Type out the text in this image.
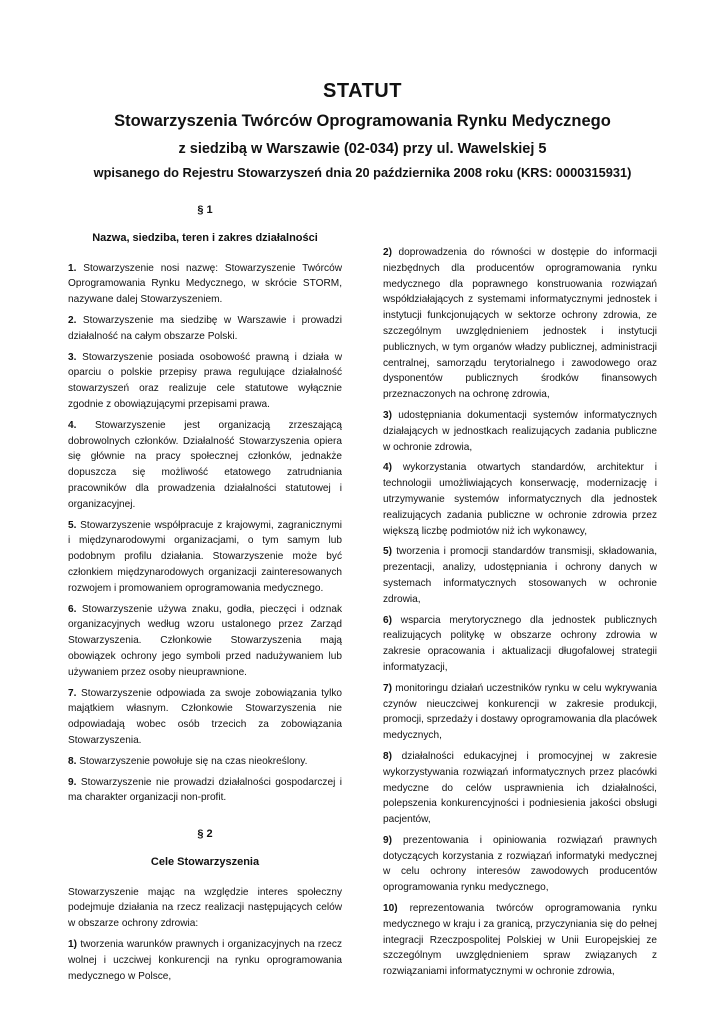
STATUT
Stowarzyszenia Twórców Oprogramowania Rynku Medycznego
z siedzibą w Warszawie (02-034) przy ul. Wawelskiej 5
wpisanego do Rejestru Stowarzyszeń dnia 20 października 2008 roku (KRS: 0000315931)
§ 1
Nazwa, siedziba, teren i zakres działalności

1. Stowarzyszenie nosi nazwę: Stowarzyszenie Twórców Oprogramowania Rynku Medycznego, w skrócie STORM, nazywane dalej Stowarzyszeniem.

2. Stowarzyszenie ma siedzibę w Warszawie i prowadzi działalność na całym obszarze Polski.

3. Stowarzyszenie posiada osobowość prawną i działa w oparciu o polskie przepisy prawa regulujące działalność stowarzyszeń oraz realizuje cele statutowe wyłącznie zgodnie z obowiązującymi przepisami prawa.

4. Stowarzyszenie jest organizacją zrzeszającą dobrowolnych członków. Działalność Stowarzyszenia opiera się głównie na pracy społecznej członków, jednakże dopuszcza się możliwość etatowego zatrudniania pracowników dla prowadzenia działalności statutowej i organizacyjnej.

5. Stowarzyszenie współpracuje z krajowymi, zagranicznymi i międzynarodowymi organizacjami, o tym samym lub podobnym profilu działania. Stowarzyszenie może być członkiem międzynarodowych organizacji zainteresowanych rozwojem i promowaniem oprogramowania medycznego.

6. Stowarzyszenie używa znaku, godła, pieczęci i odznak organizacyjnych według wzoru ustalonego przez Zarząd Stowarzyszenia. Członkowie Stowarzyszenia mają obowiązek ochrony jego symboli przed nadużywaniem lub używaniem przez osoby nieuprawnione.

7. Stowarzyszenie odpowiada za swoje zobowiązania tylko majątkiem własnym. Członkowie Stowarzyszenia nie odpowiadają wobec osób trzecich za zobowiązania Stowarzyszenia.

8. Stowarzyszenie powołuje się na czas nieokreślony.

9. Stowarzyszenie nie prowadzi działalności gospodarczej i ma charakter organizacji non-profit.

§ 2
Cele Stowarzyszenia

Stowarzyszenie mając na względzie interes społeczny podejmuje działania na rzecz realizacji następujących celów w obszarze ochrony zdrowia:

1) tworzenia warunków prawnych i organizacyjnych na rzecz wolnej i uczciwej konkurencji na rynku oprogramowania medycznego w Polsce,

2) doprowadzenia do równości w dostępie do informacji niezbędnych dla producentów oprogramowania rynku medycznego dla poprawnego konstruowania rozwiązań współdziałających z systemami informatycznymi jednostek i instytucji funkcjonujących w sektorze ochrony zdrowia, ze szczególnym uwzględnieniem jednostek i instytucji publicznych, w tym organów władzy publicznej, administracji centralnej, samorządu terytorialnego i zawodowego oraz dysponentów publicznych środków finansowych przeznaczonych na ochronę zdrowia,

3) udostępniania dokumentacji systemów informatycznych działających w jednostkach realizujących zadania publiczne w ochronie zdrowia,

4) wykorzystania otwartych standardów, architektur i technologii umożliwiających konserwację, modernizację i utrzymywanie systemów informatycznych dla jednostek realizujących zadania publiczne w ochronie zdrowia przez większą liczbę podmiotów niż ich wykonawcy,

5) tworzenia i promocji standardów transmisji, składowania, prezentacji, analizy, udostępniania i ochrony danych w systemach informatycznych stosowanych w ochronie zdrowia,

6) wsparcia merytorycznego dla jednostek publicznych realizujących politykę w obszarze ochrony zdrowia w zakresie opracowania i aktualizacji długofalowej strategii informatyzacji,

7) monitoringu działań uczestników rynku w celu wykrywania czynów nieuczciwej konkurencji w zakresie produkcji, promocji, sprzedaży i dostawy oprogramowania dla placówek medycznych,

8) działalności edukacyjnej i promocyjnej w zakresie wykorzystywania rozwiązań informatycznych przez placówki medyczne do celów usprawnienia ich działalności, polepszenia konkurencyjności i podniesienia jakości obsługi pacjentów,

9) prezentowania i opiniowania rozwiązań prawnych dotyczących korzystania z rozwiązań informatyki medycznej w celu ochrony interesów zawodowych producentów oprogramowania rynku medycznego,

10) reprezentowania twórców oprogramowania rynku medycznego w kraju i za granicą, przyczyniania się do pełnej integracji Rzeczpospolitej Polskiej w Unii Europejskiej ze szczególnym uwzględnieniem spraw związanych z rozwiązaniami informatycznymi w ochronie zdrowia,
